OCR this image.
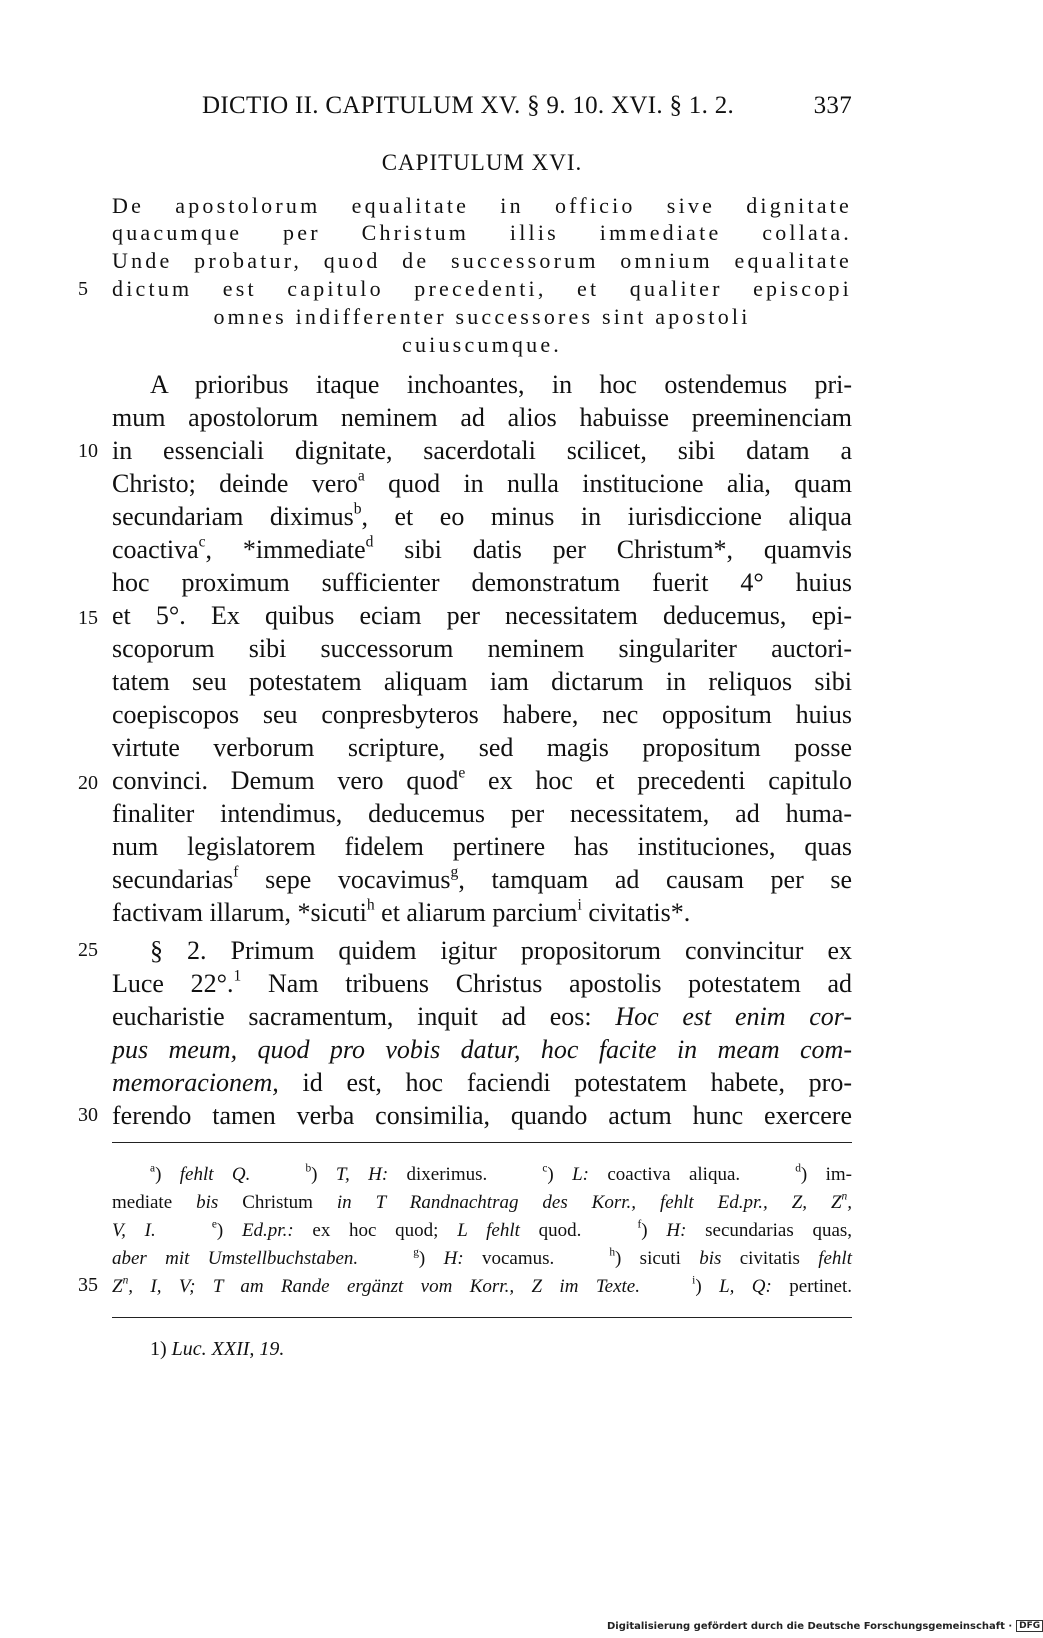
DICTIO II. CAPITULUM XV. § 9. 10. XVI. § 1. 2.	337
CAPITULUM XVI.
De apostolorum equalitate in officio sive dignitate
quacumque per Christum illis immediate collata.
Unde probatur, quod de successorum omnium equalitate
dictum est capitulo precedenti, et qualiter episcopi
omnes indifferenter successores sint apostoli
cuiuscumque.
5
10
15
20
25
30
35
A prioribus itaque inchoantes, in hoc ostendemus pri-
mum apostolorum neminem ad alios habuisse preeminenciam
in essenciali dignitate, sacerdotali scilicet, sibi datam a
Christo; deinde vero$^a$ quod in nulla institucione alia, quam
secundariam diximus$^b$, et eo minus in iurisdiccione aliqua
coactiva$^c$, *immediate$^d$ sibi datis per Christum*, quamvis
hoc proximum sufficienter demonstratum fuerit 4° huius
et 5°. Ex quibus eciam per necessitatem deducemus, epi-
scoporum sibi successorum neminem singulariter auctori-
tatem seu potestatem aliquam iam dictarum in reliquos sibi
coepiscopos seu conpresbyteros habere, nec oppositum huius
virtute verborum scripture, sed magis propositum posse
convinci. Demum vero quod$^e$ ex hoc et precedenti capitulo
finaliter intendimus, deducemus per necessitatem, ad huma-
num legislatorem fidelem pertinere has instituciones, quas
secundarias$^f$ sepe vocavimus$^g$, tamquam ad causam per se
factivam illarum, *sicuti$^h$ et aliarum parcium$^i$ civitatis*.
§ 2. Primum quidem igitur propositorum convincitur ex
Luce 22°.$^1$ Nam tribuens Christus apostolis potestatem ad
eucharistie sacramentum, inquit ad eos: Hoc est enim cor-
pus meum, quod pro vobis datur, hoc facite in meam com-
memoracionem, id est, hoc faciendi potestatem habete, pro-
ferendo tamen verba consimilia, quando actum hunc exercere
$^a$) fehlt Q.	$^b$) T, H: dixerimus.   $^c$) L: coactiva aliqua.   $^d$) im-
mediate bis Christum in T Randnachtrag des Korr., fehlt Ed.pr., Z, $Z^n$,
V, I.	$^e$) Ed.pr.: ex hoc quod; L fehlt quod.   $^f$) H: secundarias quas,
aber mit Umstellbuchstaben.	$^g$) H: vocamus.   $^h$) sicuti bis civitatis fehlt
$Z^n$, I, V; T am Rande ergänzt vom Korr., Z im Texte.	$^i$) L, Q: pertinet.
1) Luc. XXII, 19.
Digitalisierung gefördert durch die Deutsche Forschungsgemeinschaft · DFG
